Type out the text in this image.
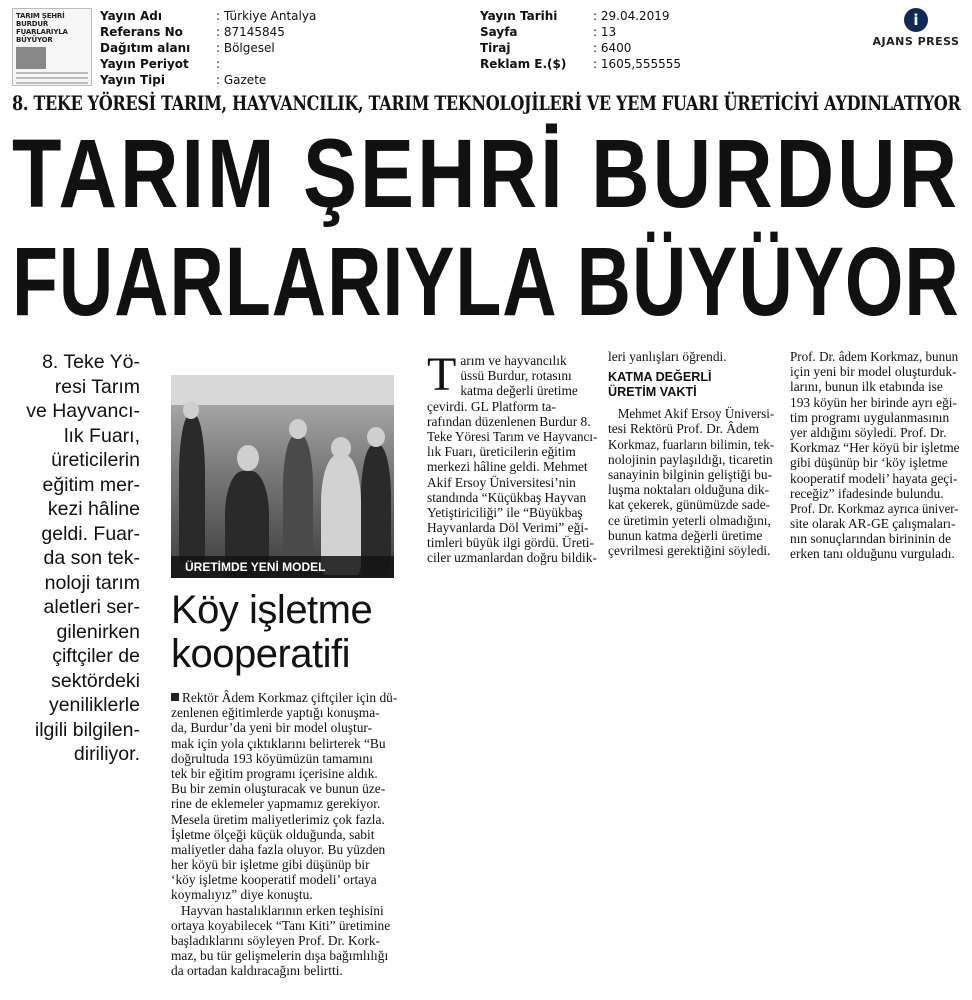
TARIM ŞEHRİ BURDUR
FUARLARIYLA BÜYÜYOR
Yayın Adı	: Türkiye Antalya
Referans No	: 87145845
Dağıtım alanı : Bölgesel
Yayın Periyot :
Yayın Tipi	: Gazete
Yayın Tarihi	: 29.04.2019
Sayfa	: 13
Tiraj	: 6400
Reklam E.($) : 1605,555555
i
AJANS PRESS
8. TEKE YÖRESİ TARIM, HAYVANCILIK, TARIM TEKNOLOJİLERİ VE YEM FUARI ÜRETİCİYİ AYDINLATIYOR
TARIM ŞEHRİ BURDUR
FUARLARIYLA BÜYÜYOR
8. Teke Yö-
resi Tarım
ve Hayvancı-
lık Fuarı,
üreticilerin
eğitim mer-
kezi hâline
geldi. Fuar-
da son tek-
noloji tarım
aletleri ser-
gilenirken
çiftçiler de
sektördeki
yeniliklerle
ilgili bilgilen-
diriliyor.
ÜRETİMDE YENİ MODEL
Köy işletme
kooperatifi
Rektör Âdem Korkmaz çiftçiler için dü-
zenlenen eğitimlerde yaptığı konuşma-
da, Burdur’da yeni bir model oluştur-
mak için yola çıktıklarını belirterek “Bu
doğrultuda 193 köyümüzün tamamını
tek bir eğitim programı içerisine aldık.
Bu bir zemin oluşturacak ve bunun üze-
rine de eklemeler yapmamız gerekiyor.
Mesela üretim maliyetlerimiz çok fazla.
İşletme ölçeği küçük olduğunda, sabit
maliyetler daha fazla oluyor. Bu yüzden
her köyü bir işletme gibi düşünüp bir
‘köy işletme kooperatif modeli’ ortaya
koymalıyız” diye konuştu.
Hayvan hastalıklarının erken teşhisini
ortaya koyabilecek “Tanı Kiti” üretimine
başladıklarını söyleyen Prof. Dr. Kork-
maz, bu tür gelişmelerin dışa bağımlılığı
da ortadan kaldıracağını belirtti.
T arım ve hayvancılık
üssü Burdur, rotasını
katma değerli üretime
çevirdi. GL Platform ta-
rafından düzenlenen Burdur 8.
Teke Yöresi Tarım ve Hayvancı-
lık Fuarı, üreticilerin eğitim
merkezi hâline geldi. Mehmet
Akif Ersoy Üniversitesi’nin
standında “Küçükbaş Hayvan
Yetiştiriciliği” ile “Büyükbaş
Hayvanlarda Döl Verimi” eği-
timleri büyük ilgi gördü. Üreti-
ciler uzmanlardan doğru bildik-
leri yanlışları öğrendi.
KATMA DEĞERLİ
ÜRETİM VAKTİ
Mehmet Akif Ersoy Üniversi-
tesi Rektörü Prof. Dr. Âdem
Korkmaz, fuarların bilimin, tek-
nolojinin paylaşıldığı, ticaretin
sanayinin bilginin geliştiği bu-
luşma noktaları olduğuna dik-
kat çekerek, günümüzde sade-
ce üretimin yeterli olmadığını,
bunun katma değerli üretime
çevrilmesi gerektiğini söyledi.
Prof. Dr. âdem Korkmaz, bunun
için yeni bir model oluşturduk-
larını, bunun ilk etabında ise
193 köyün her birinde ayrı eği-
tim programı uygulanmasının
yer aldığını söyledi. Prof. Dr.
Korkmaz “Her köyü bir işletme
gibi düşünüp bir ‘köy işletme
kooperatif modeli’ hayata geçi-
receğiz” ifadesinde bulundu.
Prof. Dr. Korkmaz ayrıca üniver-
site olarak AR-GE çalışmaları-
nın sonuçlarından birininin de
erken tanı olduğunu vurguladı.
